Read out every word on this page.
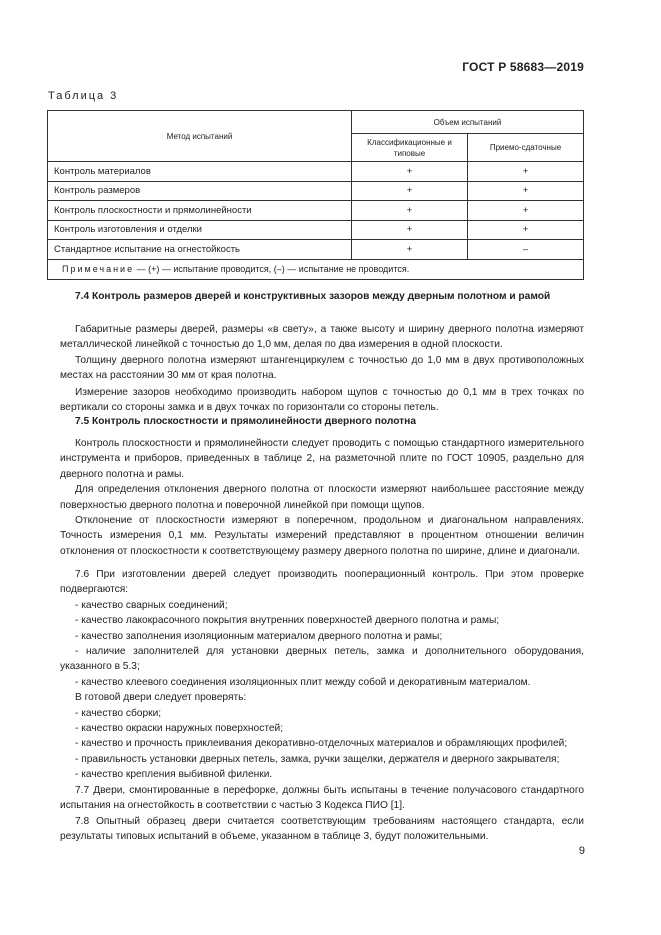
ГОСТ Р 58683—2019
Таблица 3
Метод испытаний	Объем испытаний	
	Классификационные и типовые	Приемо-сдаточные
Контроль материалов	+	+
Контроль размеров	+	+
Контроль плоскостности и прямолинейности	+	+
Контроль изготовления и отделки	+	+
Стандартное испытание на огнестойкость	+	–
Примечание — (+) — испытание проводится, (–) — испытание не проводится.		

7.4 Контроль размеров дверей и конструктивных зазоров между дверным полотном и рамой

Габаритные размеры дверей, размеры «в свету», а также высоту и ширину дверного полотна измеряют металлической линейкой с точностью до 1,0 мм, делая по два измерения в одной плоскости.

Толщину дверного полотна измеряют штангенциркулем с точностью до 1,0 мм в двух противоположных местах на расстоянии 30 мм от края полотна.

Измерение зазоров необходимо производить набором щупов с точностью до 0,1 мм в трех точках по вертикали со стороны замка и в двух точках по горизонтали со стороны петель.

7.5 Контроль плоскостности и прямолинейности дверного полотна

Контроль плоскостности и прямолинейности следует проводить с помощью стандартного измерительного инструмента и приборов, приведенных в таблице 2, на разметочной плите по ГОСТ 10905, раздельно для дверного полотна и рамы.

Для определения отклонения дверного полотна от плоскости измеряют наибольшее расстояние между поверхностью дверного полотна и поверочной линейкой при помощи щупов.

Отклонение от плоскостности измеряют в поперечном, продольном и диагональном направлениях. Точность измерения 0,1 мм. Результаты измерений представляют в процентном отношении величин отклонения от плоскостности к соответствующему размеру дверного полотна по ширине, длине и диагонали.

7.6 При изготовлении дверей следует производить пооперационный контроль. При этом проверке подвергаются:

- качество сварных соединений;

- качество лакокрасочного покрытия внутренних поверхностей дверного полотна и рамы;

- качество заполнения изоляционным материалом дверного полотна и рамы;

- наличие заполнителей для установки дверных петель, замка и дополнительного оборудования, указанного в 5.3;

- качество клеевого соединения изоляционных плит между собой и декоративным материалом.

В готовой двери следует проверять:

- качество сборки;

- качество окраски наружных поверхностей;

- качество и прочность приклеивания декоративно-отделочных материалов и обрамляющих профилей;

- правильность установки дверных петель, замка, ручки защелки, держателя и дверного закрывателя;

- качество крепления выбивной филенки.

7.7 Двери, смонтированные в перефорке, должны быть испытаны в течение получасового стандартного испытания на огнестойкость в соответствии с частью 3 Кодекса ПИО [1].

7.8 Опытный образец двери считается соответствующим требованиям настоящего стандарта, если результаты типовых испытаний в объеме, указанном в таблице 3, будут положительными.

9
